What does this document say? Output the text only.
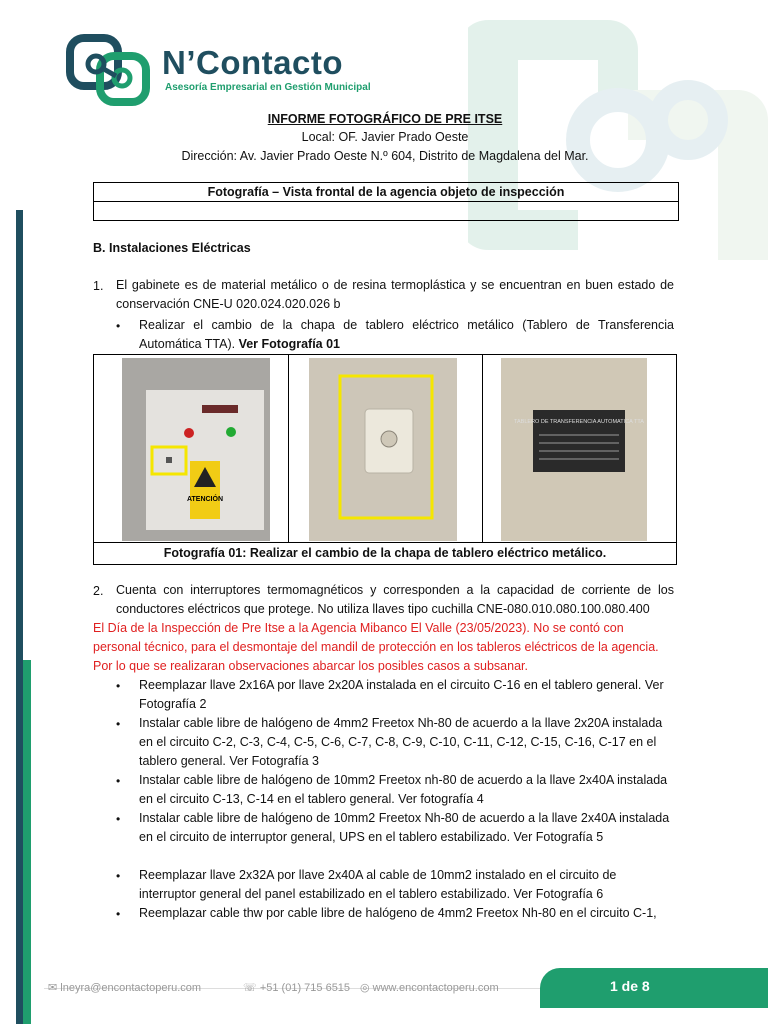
N’Contacto
Asesoría Empresarial en Gestión Municipal
INFORME FOTOGRÁFICO DE PRE ITSE
Local: OF. Javier Prado Oeste
Dirección: Av. Javier Prado Oeste N.º 604, Distrito de Magdalena del Mar.
Fotografía – Vista frontal de la agencia objeto de inspección
B. Instalaciones Eléctricas
1. El gabinete es de material metálico o de resina termoplástica y se encuentran en buen estado de conservación CNE-U 020.024.020.026 b
• Realizar el cambio de la chapa de tablero eléctrico metálico (Tablero de Transferencia Automática TTA). Ver Fotografía 01
ATENCIÓN
TABLERO DE TRANSFERENCIA AUTOMATICA TTA
Fotografía 01: Realizar el cambio de la chapa de tablero eléctrico metálico.
2. Cuenta con interruptores termomagnéticos y corresponden a la capacidad de corriente de los conductores eléctricos que protege. No utiliza llaves tipo cuchilla CNE-080.010.080.100.080.400
El Día de la Inspección de Pre Itse a la Agencia Mibanco El Valle (23/05/2023). No se contó con personal técnico, para el desmontaje del mandil de protección en los tableros eléctricos de la agencia. Por lo que se realizaran observaciones abarcar los posibles casos a subsanar.
• Reemplazar llave 2x16A por llave 2x20A instalada en el circuito C-16 en el tablero general. Ver Fotografía 2
• Instalar cable libre de halógeno de 4mm2 Freetox Nh-80 de acuerdo a la llave 2x20A instalada en el circuito C-2, C-3, C-4, C-5, C-6, C-7, C-8, C-9, C-10, C-11, C-12, C-15, C-16, C-17 en el tablero general. Ver Fotografía 3
• Instalar cable libre de halógeno de 10mm2 Freetox nh-80 de acuerdo a la llave 2x40A instalada en el circuito C-13, C-14 en el tablero general. Ver fotografía 4
• Instalar cable libre de halógeno de 10mm2 Freetox Nh-80 de acuerdo a la llave 2x40A instalada en el circuito de interruptor general, UPS en el tablero estabilizado. Ver Fotografía 5
• Reemplazar llave 2x32A por llave 2x40A al cable de 10mm2 instalado en el circuito de interruptor general del panel estabilizado en el tablero estabilizado. Ver Fotografía 6
• Reemplazar cable thw por cable libre de halógeno de 4mm2 Freetox Nh-80 en el circuito C-1,
✉ lneyra@encontactoperu.com	☏ +51 (01) 715 6515 ◎ www.encontactoperu.com	1 de 8
